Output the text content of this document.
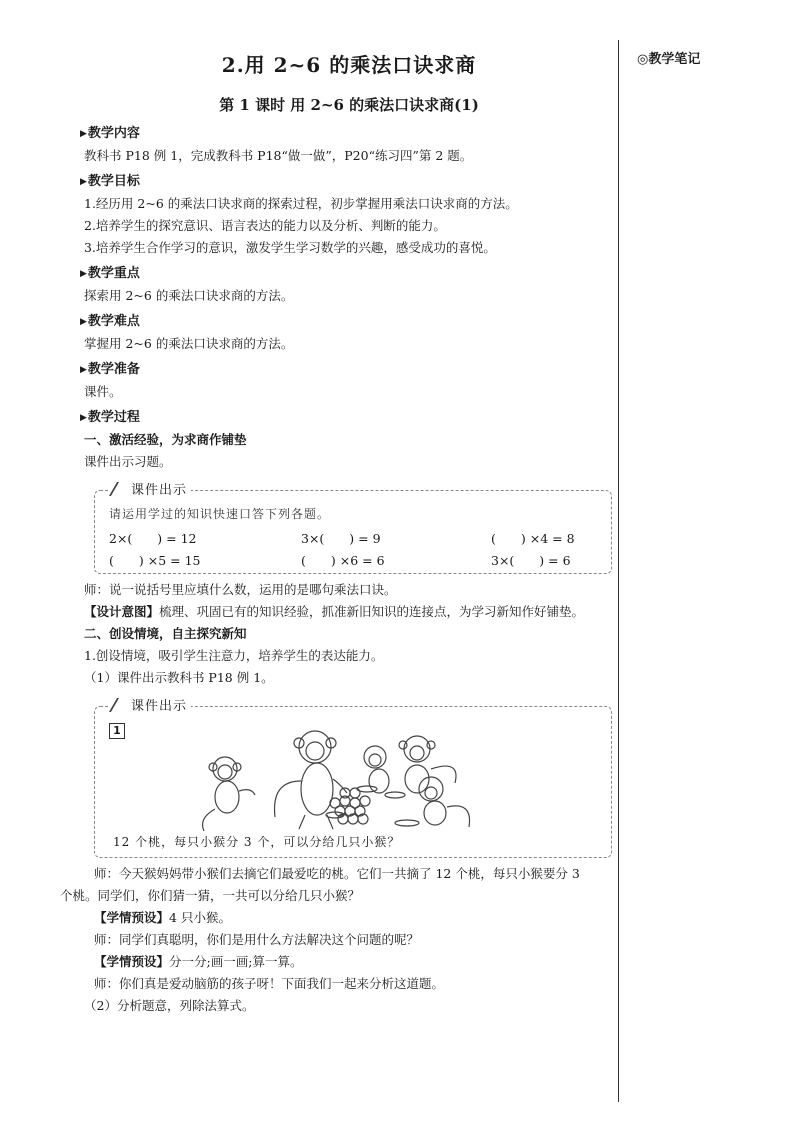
◎教学笔记
2.用 2~6 的乘法口诀求商
第 1 课时 用 2~6 的乘法口诀求商(1)
▶教学内容
教科书 P18 例 1，完成教科书 P18“做一做”，P20“练习四”第 2 题。
▶教学目标
1.经历用 2~6 的乘法口诀求商的探索过程，初步掌握用乘法口诀求商的方法。
2.培养学生的探究意识、语言表达的能力以及分析、判断的能力。
3.培养学生合作学习的意识，激发学生学习数学的兴趣，感受成功的喜悦。
▶教学重点
探索用 2~6 的乘法口诀求商的方法。
▶教学难点
掌握用 2~6 的乘法口诀求商的方法。
▶教学准备
课件。
▶教学过程
一、激活经验，为求商作铺垫
课件出示习题。
课件出示
请运用学过的知识快速口答下列各题。
2×(　　) = 12	3×(　　) = 9	(　　) ×4 = 8
(　　) ×5 = 15	(　　) ×6 = 6	3×(　　) = 6
师：说一说括号里应填什么数，运用的是哪句乘法口诀。
【设计意图】梳理、巩固已有的知识经验，抓准新旧知识的连接点，为学习新知作好铺垫。
二、创设情境，自主探究新知
1.创设情境，吸引学生注意力，培养学生的表达能力。
（1）课件出示教科书 P18 例 1。
课件出示
1
12 个桃，每只小猴分 3 个，可以分给几只小猴？
师：今天猴妈妈带小猴们去摘它们最爱吃的桃。它们一共摘了 12 个桃，每只小猴要分 3
个桃。同学们，你们猜一猜，一共可以分给几只小猴？
【学情预设】4 只小猴。
师：同学们真聪明，你们是用什么方法解决这个问题的呢？
【学情预设】分一分;画一画;算一算。
师：你们真是爱动脑筋的孩子呀！下面我们一起来分析这道题。
（2）分析题意，列除法算式。
